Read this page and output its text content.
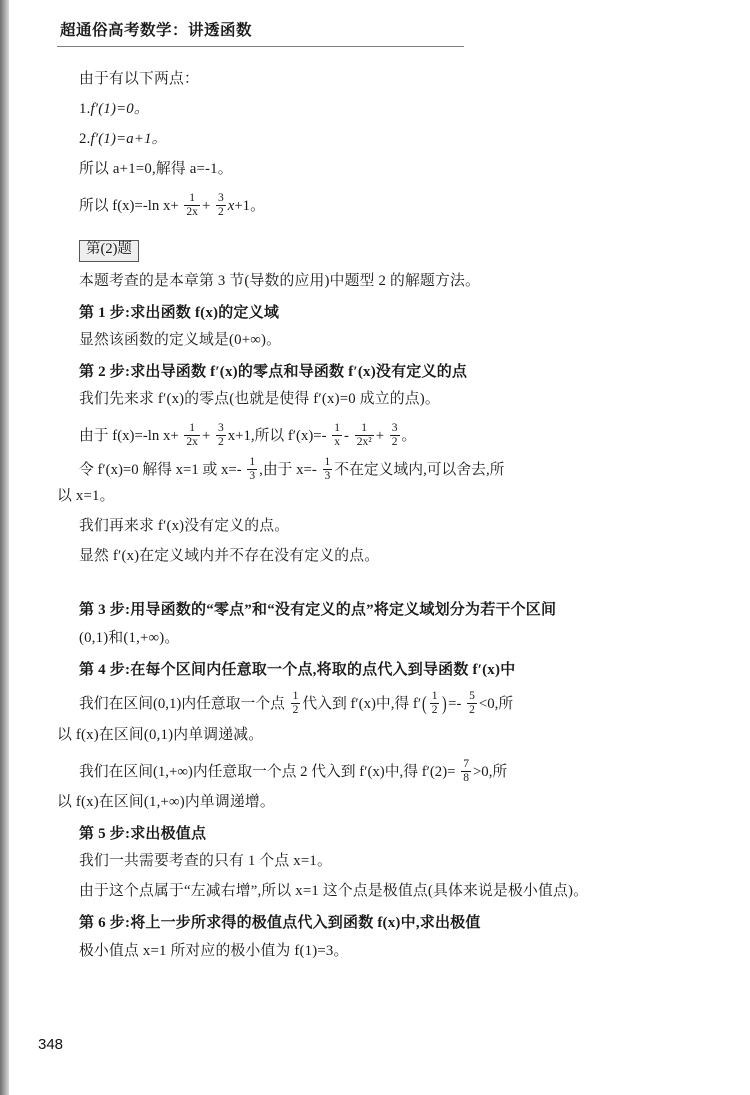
超通俗高考数学：讲透函数

由于有以下两点：

1.f′(1)=0。

2.f′(1)=a+1。

所以 a+1=0,解得 a=-1。

所以 f(x)=-ln $x+ \frac{1}{2x} + \frac{3}{2} x+1$。
第(2)题

本题考查的是本章第 3 节(导数的应用)中题型 2 的解题方法。

第 1 步:求出函数 f(x)的定义域

显然该函数的定义域是(0+∞)。

第 2 步:求出导函数 f′(x)的零点和导函数 f′(x)没有定义的点

我们先来求 f′(x)的零点(也就是使得 f′(x)=0 成立的点)。

由于 f(x)=-ln $x+ \frac{1}{2x} + \frac{3}{2} x+1$,所以 $f'(x)=- \frac{1}{x} - \frac{1}{\text{2x²}} + \frac{3}{2}$ 。
令 f′(x)=0 解得 x=1 或 $x=- \frac{1}{3}$ ,由于 $x=- \frac{1}{3}$ 不在定义域内,可以舍去,所

以 x=1。

我们再来求 f′(x)没有定义的点。

显然 f′(x)在定义域内并不存在没有定义的点。

第 3 步:用导函数的“零点”和“没有定义的点”将定义域划分为若干个区间

(0,1)和(1,+∞)。

第 4 步:在每个区间内任意取一个点,将取的点代入到导函数 f′(x)中

我们在区间(0,1)内任意取一个点 $\frac{1}{2}$ 代入到 f′(x)中,得 $f'( \frac{1}{2}$ )=- $\frac{5}{2} <0$,所

以 f(x)在区间(0,1)内单调递减。

我们在区间(1,+∞)内任意取一个点 2 代入到 f′(x)中,得 $f'(2)= \frac{7}{8} >0$,所

以 f(x)在区间(1,+∞)内单调递增。

第 5 步:求出极值点

我们一共需要考查的只有 1 个点 x=1。

由于这个点属于“左减右增”,所以 x=1 这个点是极值点(具体来说是极小值点)。

第 6 步:将上一步所求得的极值点代入到函数 f(x)中,求出极值

极小值点 x=1 所对应的极小值为 f(1)=3。

348
